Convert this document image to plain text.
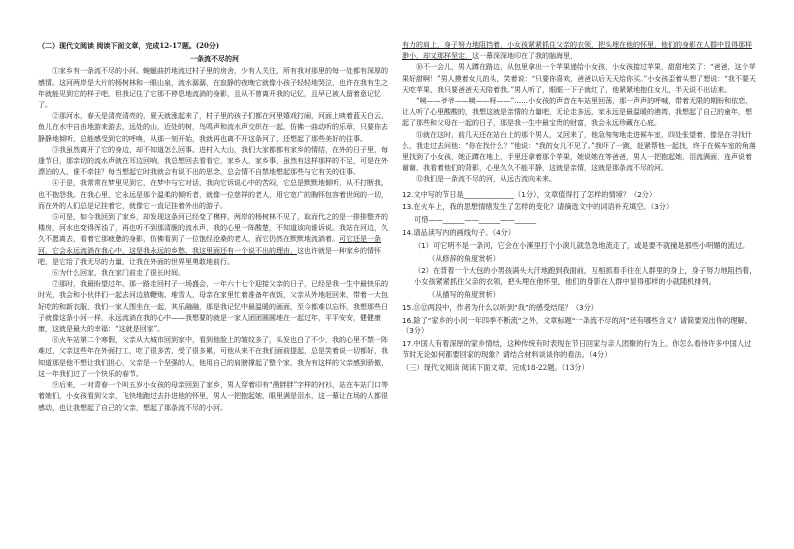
（二）现代文阅读 阅读下面文章，完成12-17题。(20分)
一条流不尽的河

①家乡有一条流不尽的小河。蜿蜒曲折地流过村子里的房舍，少有人关注，所有我对那里的每一处都有深厚的感情。这河两岸是大片的杨树林和一眼山泉，流水潺潺，在寂静的夜晚它就像小孩子轻轻地哭泣，也许在我有生之年就能见到它的样子吧，但我记住了它那不停息地流淌的身影，且从不曾离开我的记忆，且早已被人留着意记忆了。

②那河水，春天是清亮清亮的，夏天就涨起来了，村子里的孩子们都在河里嬉戏打闹，河面上映着蓝天白云，鱼儿在水中自由地游来游去，远处的山，近处的树，鸟鸣声和流水声交织在一起，仿佛一曲动听的乐章，只要你去静静地倾听，总能感受到它的呼唤，从那一刻开始，我就再也离不开这条河了，还想起了那些美好的往事。

③我虽然离开了它的身边，却不知道怎么回事。进村入大山，我们大家都都有家乡的情结，在外的日子里，每逢节日，那亲切的流水声就在耳边回响，我总想回去看看它，家乡人，家乡事，虽然有这样那样的不足，可是在外漂泊的人，谁不牵挂？每当想起它时我就会有说不出的思念，总会情不自禁地想起那些与它有关的往事。

④于是，我常常在梦里见到它，在梦中与它对话，我向它诉说心中的苦闷，它总是默默地倾听，从不打断我，也不抱怨我。在我心里，它永远是那个温柔的倾听者，就像一位慈祥的老人，用它宽广的胸怀包容着世间的一切，而在外的人们总是记挂着它，就像它一直记挂着外出的游子。

⑤可是，如今我回到了家乡，却发现这条河已经变了模样，两岸的杨树林不见了，取而代之的是一排排整齐的楼房，河水也变得浑浊了，再也听不到那清脆的流水声，我的心里一阵酸楚，不知道该向谁诉说。我站在河边，久久不愿离去，看着它那疲惫的身影，仿佛看到了一位饱经沧桑的老人，而它仍然在默默地流淌着。可它还是一条河，它会永远流淌在我心中，这是我永远的乡愁，我这里面还有一个说不出的理由，这也许就是一种家乡的情怀吧，是它给了我无尽的力量，让我在外面的世界里勇敢地前行。

⑥为什么回家，我在家门前走了很长时间。

⑦那时，我最盼望过年。那一路走回村子一场盛会，一年六十七个迎接父亲的日子，已经是我一生中最快乐的时光，我会和小伙伴们一起去河边放鞭炮、堆雪人，母亲在家里忙着准备年夜饭，父亲从外地赶回来，带着一大包好吃的和新衣服，我们一家人围坐在一起，其乐融融，那是我记忆中最温暖的画面，至今都难以忘怀，我想那些日子就像这条小河一样，永远流淌在我的心中——我想要的就是一家人团团圆圆地在一起过年，平平安安，健健康康，这就是最大的幸福：“这就是回家”。

⑧火车站第二个寒假，父亲从大城市回到家中，看到他脸上的皱纹多了，头发也白了不少，我的心里不禁一阵难过，父亲这些年在外面打工，吃了很多苦，受了很多累，可他从来不在我们面前提起，总是笑着说一切都好，我知道那是他不想让我们担心，父亲是一个坚强的人，他用自己的肩膀撑起了整个家，我为有这样的父亲感到骄傲，这一年我们过了一个快乐的春节。

⑨后来，一对青春一个叫五岁小女孩的母亲回到了家乡，男人穿着印有“凿胖胖”字样的衬衫，站在车站门口等着她们，小女孩看到父亲，飞快地跑过去扑进他的怀里，男人一把抱起她，眼里满是泪水，这一幕让在场的人都很感动，也让我想起了自己的父亲，想起了那条流不尽的小河。

有力的肩上，身子努力地阻挡着，小女孩紧紧抓住父亲的衣领，把头埋在他的怀里，他们的身影在人群中显得那样渺小，却又那样坚定，这一幕深深地印在了我的脑海里，

⑩不一会儿，男人蹲在路边，从包里拿出一个苹果递给小女孩，小女孩接过苹果，甜甜地笑了：“爸爸，这个苹果好甜啊！”男人摸着女儿的头，笑着说：“只要你喜欢，爸爸以后天天给你买。”小女孩歪着头想了想说：“我不要天天吃苹果，我只要爸爸天天陪着我。”男人听了，眼眶一下子就红了，他紧紧地抱住女儿，半天说不出话来。

“咦——爷爷——咦——呀——”……小女孩的声音在车站里回荡，那一声声的呼喊，带着无限的期盼和依恋，让人听了心里酸酸的，我想这就是亲情的力量吧，无论走多远，家永远是最温暖的港湾，我想起了自己的童年，想起了那些和父母在一起的日子，那是我一生中最宝贵的财富，我会永远珍藏在心底。

⑪就在这时，前几天还在站台上的那个男人，又回来了，他急匆匆地走进候车室，四处张望着，像是在寻找什么，我走过去问他：“你在找什么？”他说：“我的女儿不见了。”我吓了一跳，赶紧帮他一起找，终于在候车室的角落里找到了小女孩，她正蹲在地上，手里还拿着那个苹果，她说她在等爸爸，男人一把抱起她，泪流满面，连声说着谢谢，我看着他们的背影，心里久久不能平静，这就是亲情，这就是那条流不尽的河。

⑫我们是一条流不尽的河，从远古流向未来。

12.文中写的节日是______________（1分），文章值得打了怎样的情境？（2分）
13.在火车上，我的思想情绪发生了怎样的变化？请摘选文中的词语补充填空。（3分）
可惜——______——______——______
14.请品读写内的画线句子。（4分）
（1）可它明不是一条河，它会在小溪里打个小滚儿就急急地流走了，或是要不就撞是那些小明媚的流过。
（从修辞的角度赏析）
（2）在背着一个大包的小男孩满头大汗地跑到我面前，互相抓着手往在人群里的身上，身子努力地阻挡着，小女孩紧紧抓住父亲的衣领，把头埋在他怀里，他们的身影在人群中显得那样的小就随机排列。
（从描写的角度赏析）
15.⑪⑫两段中，作者为什么以听到“我”的感受结尾？（3分）
16.除了“家乡的小河一年四季不断流”之外，文章标题“一条流不尽的河”还有哪些含义？请简要说出你的理解。（3分）
17.中国人有着深厚的家乡情结，这种传统有时表现在节日回家与亲人团聚的行为上。你怎么看待许多中国人过节时无论如何都要回家的现象？请结合材料谈谈你的看法。（4分）
（三）现代文阅读 阅读下面文章，完成18-22题。（13分）
